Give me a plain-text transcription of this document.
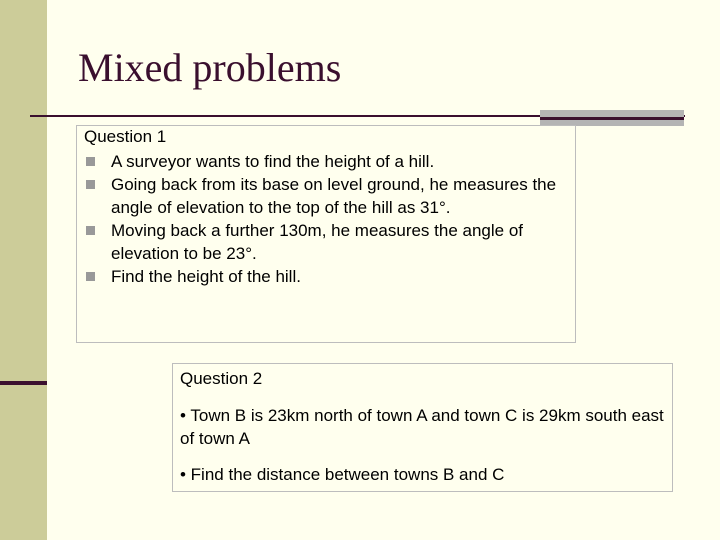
Mixed problems
Question 1
A surveyor wants to find the height of a hill.
Going back from its base on level ground, he measures the angle of elevation to the top of the hill as 31°.
Moving back a further 130m, he measures the angle of elevation to be 23°.
Find the height of the hill.
Question 2
• Town B is 23km north of town A and town C is 29km south east of town A
• Find the distance between towns B and C
